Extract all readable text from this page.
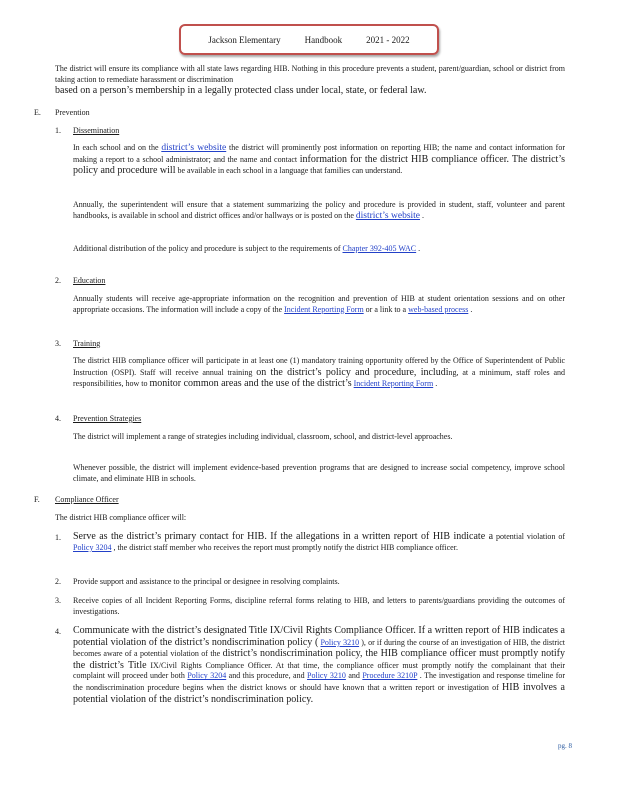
Jackson Elementary	Handbook	2021 - 2022
The district will ensure its compliance with all state laws regarding HIB. Nothing in this procedure prevents a student, parent/guardian, school or district from taking action to remediate harassment or discrimination
based on a person’s membership in a legally protected class under local, state, or federal law.
E. Prevention
1. Dissemination
In each school and on the district’s website the district will prominently post information on reporting HIB; the name and contact information for making a report to a school administrator; and the name and contact information for the district HIB compliance officer. The district’s policy and procedure will be available in each school in a language that families can understand.
Annually, the superintendent will ensure that a statement summarizing the policy and procedure is provided in student, staff, volunteer and parent handbooks, is available in school and district offices and/or hallways or is posted on the district’s website .
Additional distribution of the policy and procedure is subject to the requirements of Chapter 392-405 WAC .
2. Education
Annually students will receive age-appropriate information on the recognition and prevention of HIB at student orientation sessions and on other appropriate occasions. The information will include a copy of the Incident Reporting Form or a link to a web-based process .
3. Training
The district HIB compliance officer will participate in at least one (1) mandatory training opportunity offered by the Office of Superintendent of Public Instruction (OSPI). Staff will receive annual training on the district’s policy and procedure, including, at a minimum, staff roles and responsibilities, how to monitor common areas and the use of the district’s Incident Reporting Form .
4. Prevention Strategies
The district will implement a range of strategies including individual, classroom, school, and district-level approaches.
Whenever possible, the district will implement evidence-based prevention programs that are designed to increase social competency, improve school climate, and eliminate HIB in schools.
F. Compliance Officer
The district HIB compliance officer will:
1. Serve as the district’s primary contact for HIB. If the allegations in a written report of HIB indicate a potential violation of Policy 3204 , the district staff member who receives the report must promptly notify the district HIB compliance officer.
2. Provide support and assistance to the principal or designee in resolving complaints.
3. Receive copies of all Incident Reporting Forms, discipline referral forms relating to HIB, and letters to parents/guardians providing the outcomes of investigations.
4. Communicate with the district’s designated Title IX/Civil Rights Compliance Officer. If a written report of HIB indicates a potential violation of the district’s nondiscrimination policy ( Policy 3210 ), or if during the course of an investigation of HIB, the district becomes aware of a potential violation of the district’s nondiscrimination policy, the HIB compliance officer must promptly notify the district’s Title IX/Civil Rights Compliance Officer. At that time, the compliance officer must promptly notify the complainant that their complaint will proceed under both Policy 3204 and this procedure, and Policy 3210 and Procedure 3210P . The investigation and response timeline for the nondiscrimination procedure begins when the district knows or should have known that a written report or investigation of HIB involves a potential violation of the district’s nondiscrimination policy.
pg. 8
